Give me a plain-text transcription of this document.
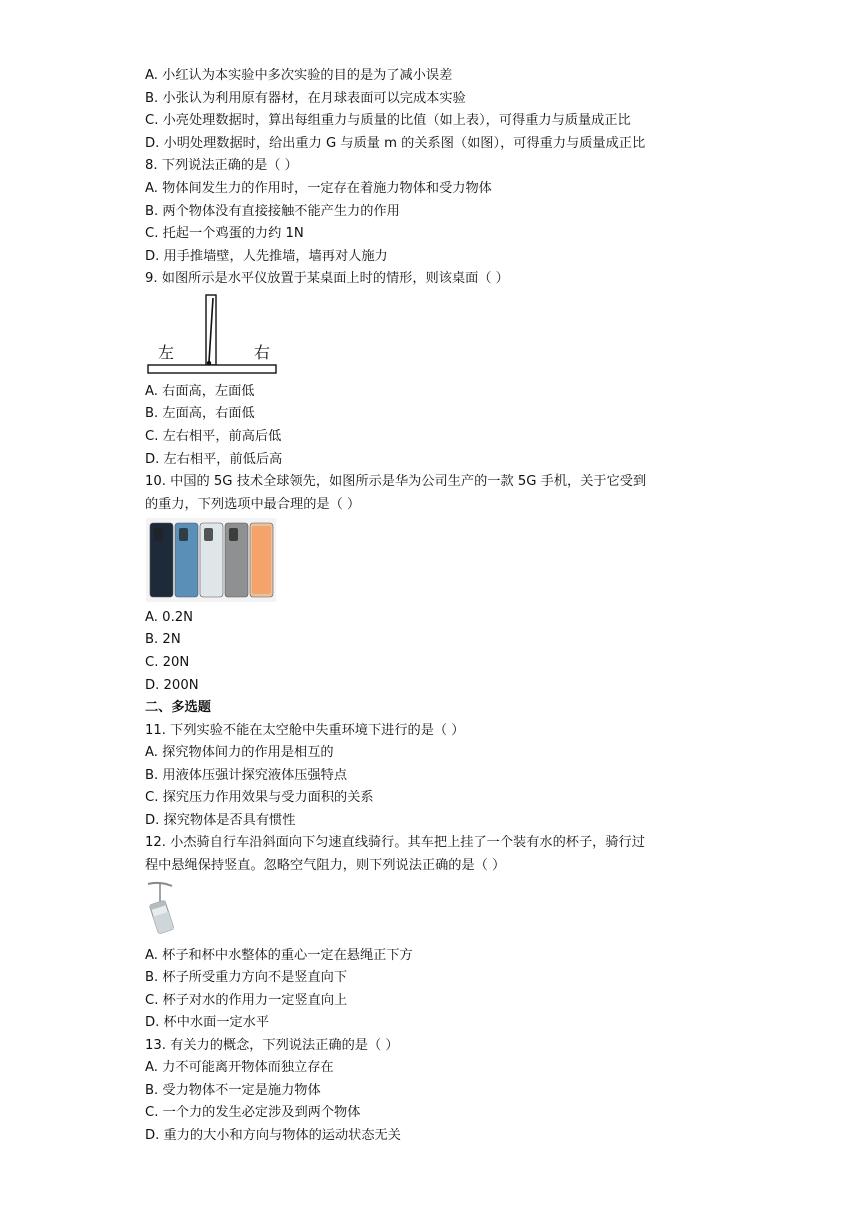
A. 小红认为本实验中多次实验的目的是为了减小误差
B. 小张认为利用原有器材，在月球表面可以完成本实验
C. 小亮处理数据时，算出每组重力与质量的比值（如上表），可得重力与质量成正比
D. 小明处理数据时，给出重力 G 与质量 m 的关系图（如图），可得重力与质量成正比
8. 下列说法正确的是（ ）
A. 物体间发生力的作用时，一定存在着施力物体和受力物体
B. 两个物体没有直接接触不能产生力的作用
C. 托起一个鸡蛋的力约 1N
D. 用手推墙壁，人先推墙，墙再对人施力
9. 如图所示是水平仪放置于某桌面上时的情形，则该桌面（ ）
左	右
A. 右面高，左面低
B. 左面高，右面低
C. 左右相平，前高后低
D. 左右相平，前低后高
10. 中国的 5G 技术全球领先，如图所示是华为公司生产的一款 5G 手机，关于它受到
的重力，下列选项中最合理的是（ ）
A. 0.2N
B. 2N
C. 20N
D. 200N
二、多选题
11. 下列实验不能在太空舱中失重环境下进行的是（ ）
A. 探究物体间力的作用是相互的
B. 用液体压强计探究液体压强特点
C. 探究压力作用效果与受力面积的关系
D. 探究物体是否具有惯性
12. 小杰骑自行车沿斜面向下匀速直线骑行。其车把上挂了一个装有水的杯子，骑行过
程中悬绳保持竖直。忽略空气阻力，则下列说法正确的是（ ）
A. 杯子和杯中水整体的重心一定在悬绳正下方
B. 杯子所受重力方向不是竖直向下
C. 杯子对水的作用力一定竖直向上
D. 杯中水面一定水平
13. 有关力的概念，下列说法正确的是（ ）
A. 力不可能离开物体而独立存在
B. 受力物体不一定是施力物体
C. 一个力的发生必定涉及到两个物体
D. 重力的大小和方向与物体的运动状态无关
